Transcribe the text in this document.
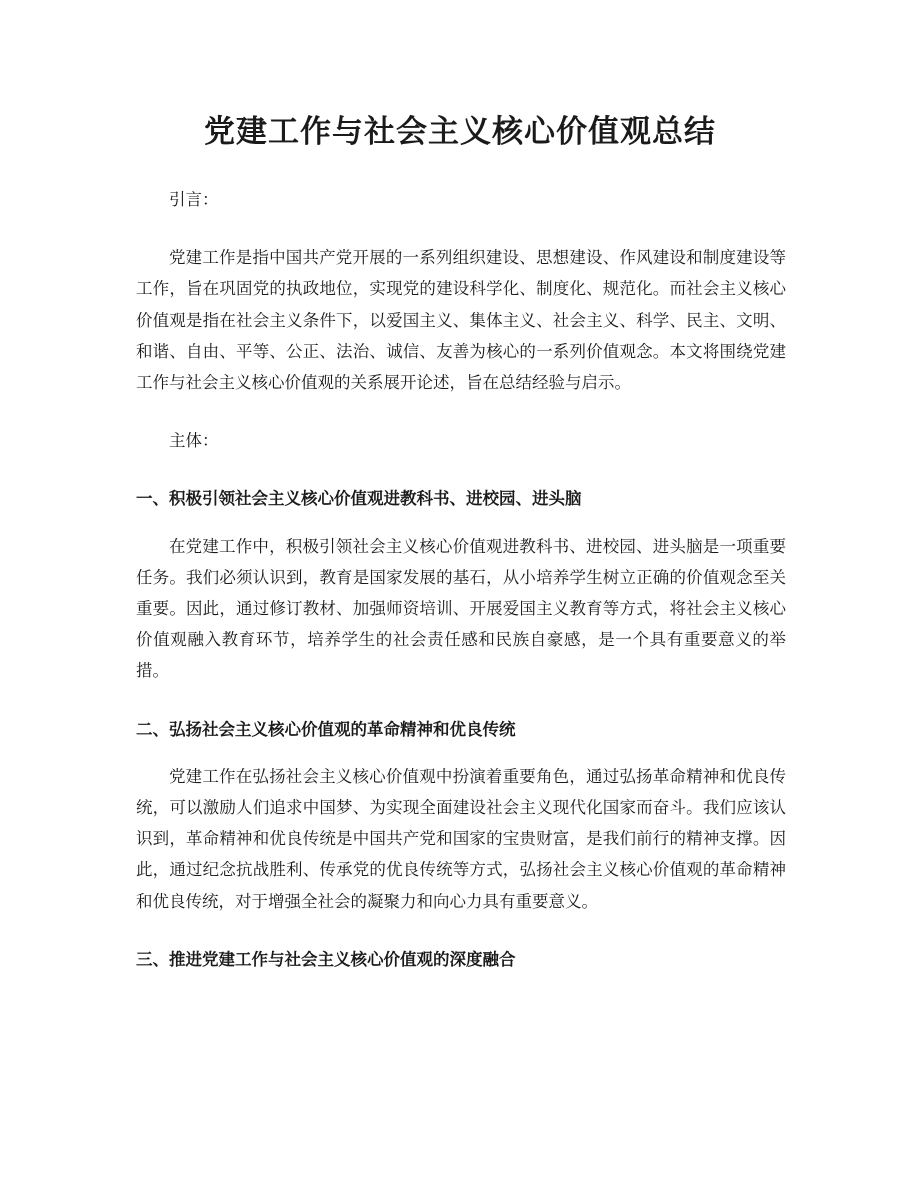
党建工作与社会主义核心价值观总结

引言：

党建工作是指中国共产党开展的一系列组织建设、思想建设、作风建设和制度建设等工作，旨在巩固党的执政地位，实现党的建设科学化、制度化、规范化。而社会主义核心价值观是指在社会主义条件下，以爱国主义、集体主义、社会主义、科学、民主、文明、和谐、自由、平等、公正、法治、诚信、友善为核心的一系列价值观念。本文将围绕党建工作与社会主义核心价值观的关系展开论述，旨在总结经验与启示。

主体：

一、积极引领社会主义核心价值观进教科书、进校园、进头脑

在党建工作中，积极引领社会主义核心价值观进教科书、进校园、进头脑是一项重要任务。我们必须认识到，教育是国家发展的基石，从小培养学生树立正确的价值观念至关重要。因此，通过修订教材、加强师资培训、开展爱国主义教育等方式，将社会主义核心价值观融入教育环节，培养学生的社会责任感和民族自豪感，是一个具有重要意义的举措。

二、弘扬社会主义核心价值观的革命精神和优良传统

党建工作在弘扬社会主义核心价值观中扮演着重要角色，通过弘扬革命精神和优良传统，可以激励人们追求中国梦、为实现全面建设社会主义现代化国家而奋斗。我们应该认识到，革命精神和优良传统是中国共产党和国家的宝贵财富，是我们前行的精神支撑。因此，通过纪念抗战胜利、传承党的优良传统等方式，弘扬社会主义核心价值观的革命精神和优良传统，对于增强全社会的凝聚力和向心力具有重要意义。

三、推进党建工作与社会主义核心价值观的深度融合
